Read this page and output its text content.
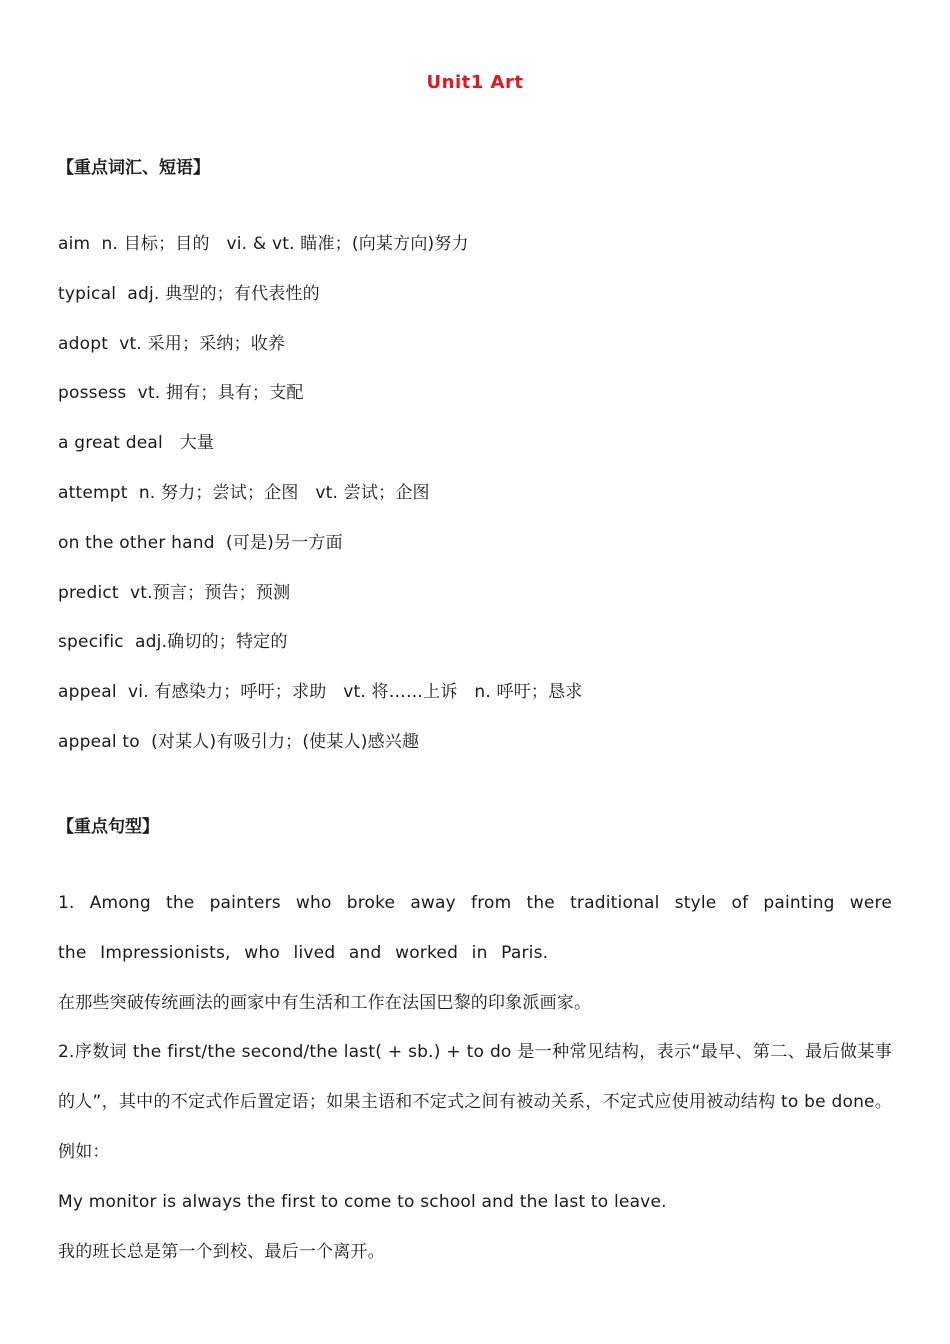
Unit1 Art
【重点词汇、短语】
aim  n. 目标；目的   vi. & vt. 瞄准；(向某方向)努力
typical  adj. 典型的；有代表性的
adopt  vt. 采用；采纳；收养
possess  vt. 拥有；具有；支配
a great deal   大量
attempt  n. 努力；尝试；企图   vt. 尝试；企图
on the other hand  (可是)另一方面
predict  vt.预言；预告；预测
specific  adj.确切的；特定的
appeal  vi. 有感染力；呼吁；求助   vt. 将……上诉   n. 呼吁；恳求
appeal to  (对某人)有吸引力；(使某人)感兴趣
【重点句型】

1. Among the painters who broke away from the traditional style of painting were the Impressionists, who lived and worked in Paris.

在那些突破传统画法的画家中有生活和工作在法国巴黎的印象派画家。

2.序数词 the first/the second/the last( + sb.) + to do 是一种常见结构，表示“最早、第二、最后做某事的人”，其中的不定式作后置定语；如果主语和不定式之间有被动关系，不定式应使用被动结构 to be done。 例如：

My monitor is always the first to come to school and the last to leave.

我的班长总是第一个到校、最后一个离开。
